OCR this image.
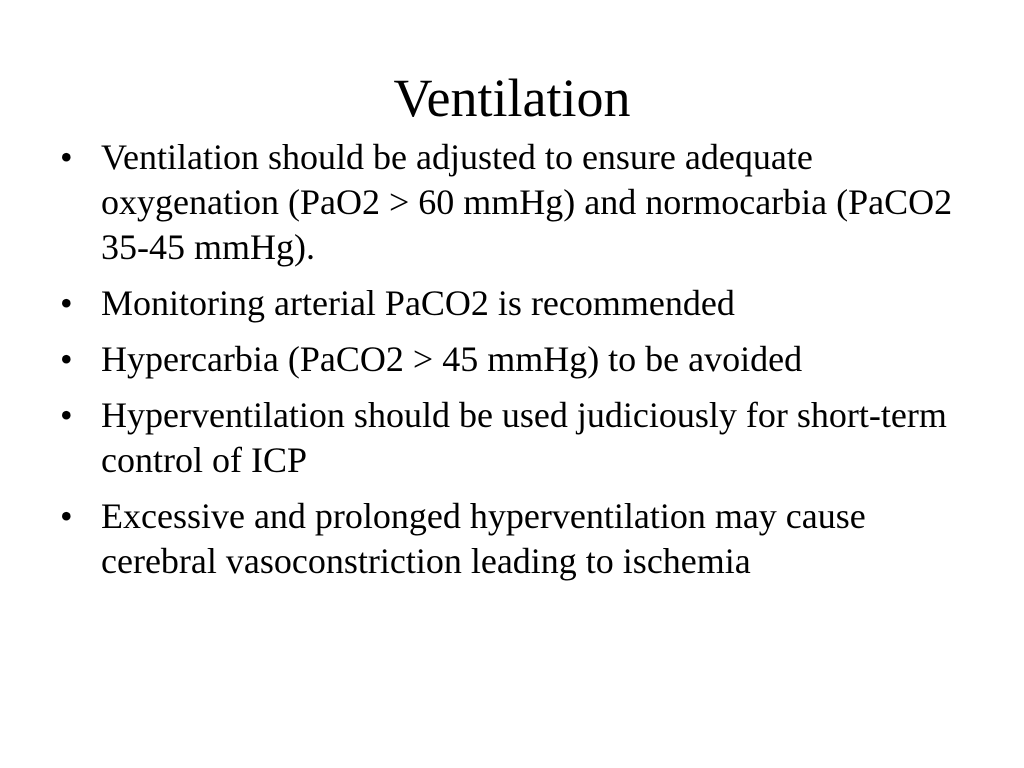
Ventilation
• Ventilation should be adjusted to ensure adequate oxygenation (PaO2 > 60 mmHg) and normocarbia (PaCO2 35-45 mmHg).
• Monitoring arterial PaCO2 is recommended
• Hypercarbia (PaCO2 > 45 mmHg) to be avoided
• Hyperventilation should be used judiciously for short-term control of ICP
• Excessive and prolonged hyperventilation may cause cerebral vasoconstriction leading to ischemia
